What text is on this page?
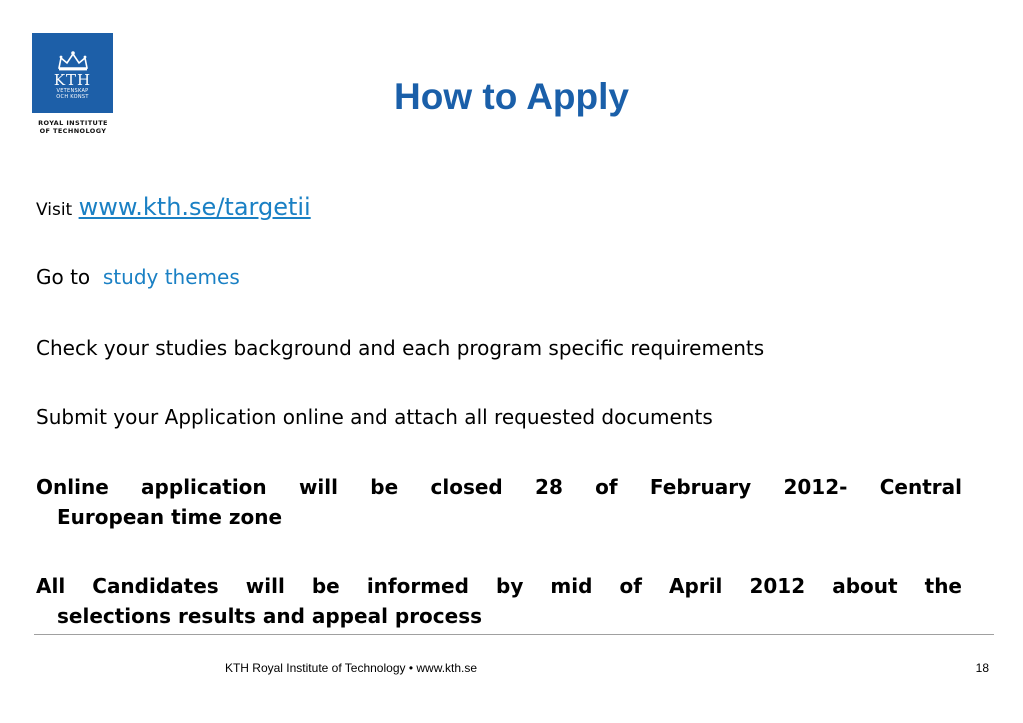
KTH
VETENSKAP
OCH KONST
ROYAL INSTITUTE
OF TECHNOLOGY
How to Apply

Visit www.kth.se/targetii

Go to study themes

Check your studies background and each program specific requirements

Submit your Application online and attach all requested documents

Online application will be closed 28 of February 2012- Central
European time zone
All Candidates will be informed by mid of April 2012 about the
selections results and appeal process
KTH Royal Institute of Technology • www.kth.se	18
